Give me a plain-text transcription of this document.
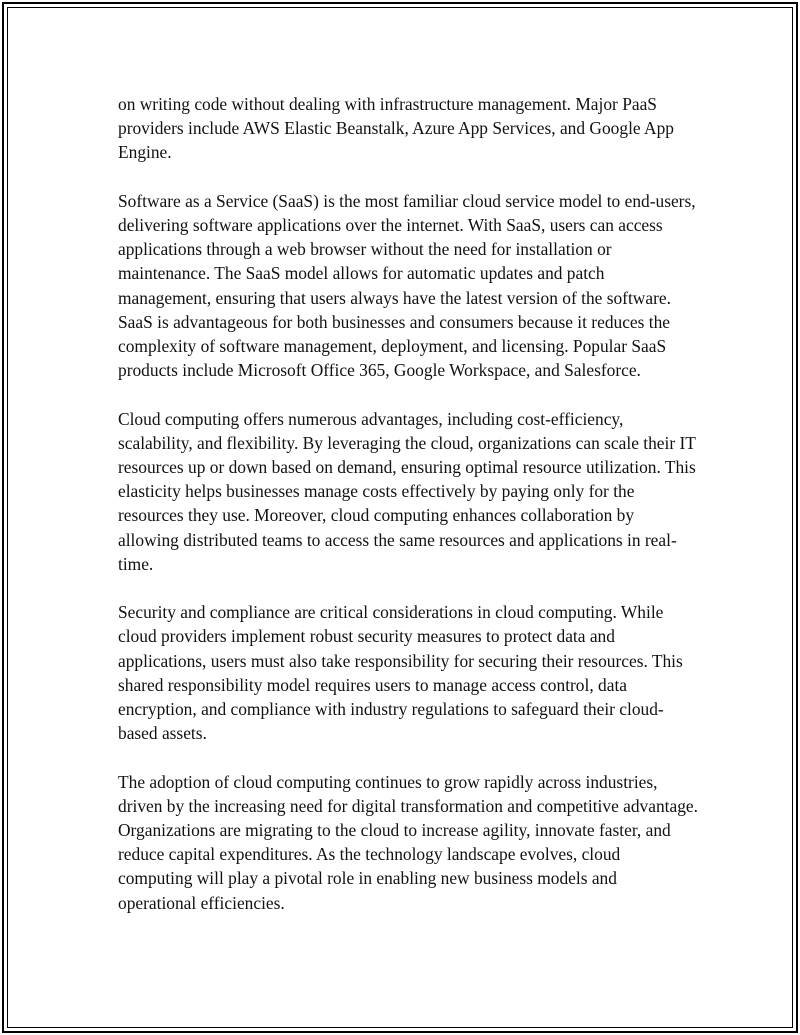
on writing code without dealing with infrastructure management. Major PaaS providers include AWS Elastic Beanstalk, Azure App Services, and Google App Engine.

Software as a Service (SaaS) is the most familiar cloud service model to end-users, delivering software applications over the internet. With SaaS, users can access applications through a web browser without the need for installation or maintenance. The SaaS model allows for automatic updates and patch management, ensuring that users always have the latest version of the software. SaaS is advantageous for both businesses and consumers because it reduces the complexity of software management, deployment, and licensing. Popular SaaS products include Microsoft Office 365, Google Workspace, and Salesforce.

Cloud computing offers numerous advantages, including cost-efficiency, scalability, and flexibility. By leveraging the cloud, organizations can scale their IT resources up or down based on demand, ensuring optimal resource utilization. This elasticity helps businesses manage costs effectively by paying only for the resources they use. Moreover, cloud computing enhances collaboration by allowing distributed teams to access the same resources and applications in real-time.

Security and compliance are critical considerations in cloud computing. While cloud providers implement robust security measures to protect data and applications, users must also take responsibility for securing their resources. This shared responsibility model requires users to manage access control, data encryption, and compliance with industry regulations to safeguard their cloud-based assets.

The adoption of cloud computing continues to grow rapidly across industries, driven by the increasing need for digital transformation and competitive advantage. Organizations are migrating to the cloud to increase agility, innovate faster, and reduce capital expenditures. As the technology landscape evolves, cloud computing will play a pivotal role in enabling new business models and operational efficiencies.
